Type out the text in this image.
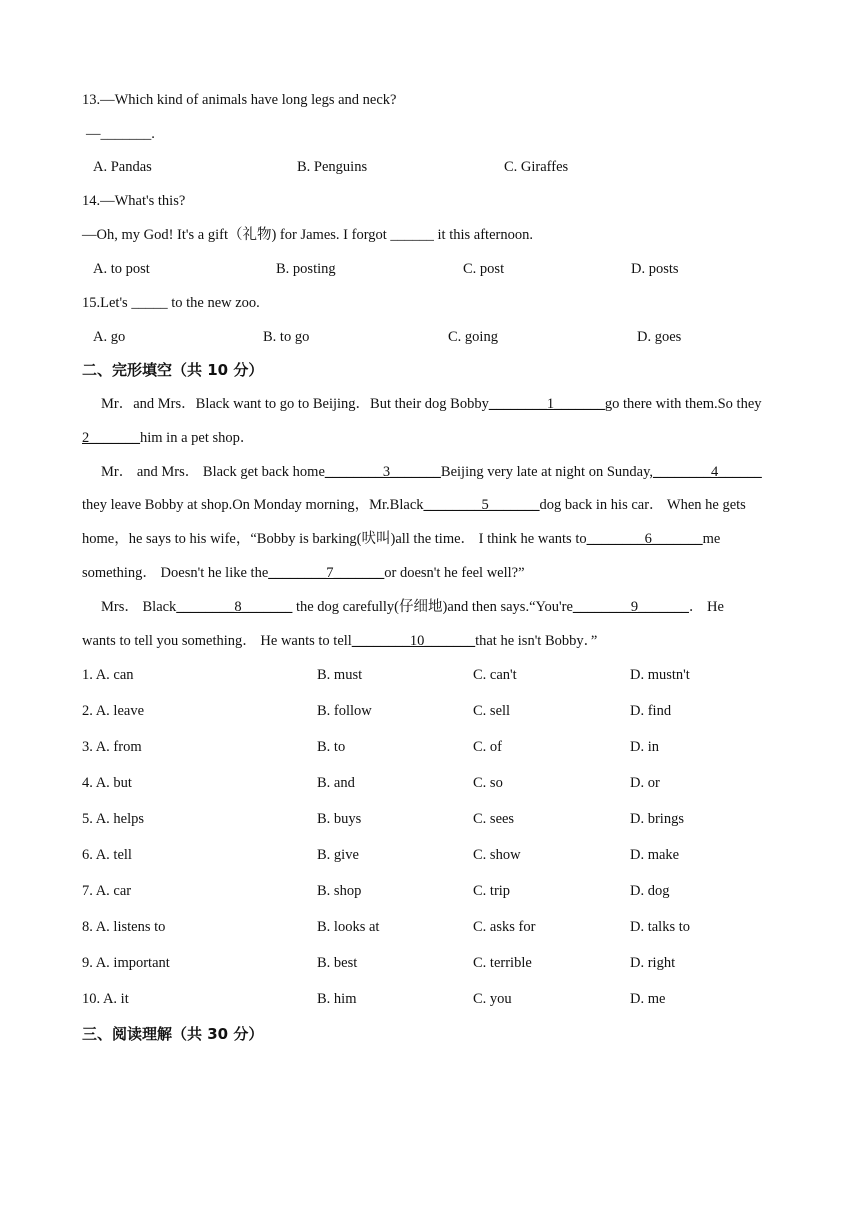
13.—Which kind of animals have long legs and neck?
—_______.
A. Pandas	B. Penguins	C. Giraffes
14.—What's this?
—Oh, my God! It's a gift（礼物) for James. I forgot ______ it this afternoon.
A. to post	B. posting	C. post	D. posts
15.Let's _____ to the new zoo.
A. go	B. to go	C. going	D. goes
二、完形填空（共 10 分）
Mr．and Mrs．Black want to go to Beijing．But their dog Bobby________1_______go there with them.So they
2_______him in a pet shop．
Mr． and Mrs． Black get back home________3_______Beijing very late at night on Sunday,________4______
they leave Bobby at shop.On Monday morning，Mr.Black________5_______dog back in his car． When he gets
home，he says to his wife，“Bobby is barking(吠叫)all the time． I think he wants to________6_______me
something． Doesn't he like the________7_______or doesn't he feel well?”
Mrs． Black________8_______ the dog carefully(仔细地)and then says.“You're________9_______． He
wants to tell you something． He wants to tell________10_______that he isn't Bobby．”
1. A. can	B. must	C. can't	D. mustn't
2. A. leave	B. follow	C. sell	D. find
3. A. from	B. to	C. of	D. in
4. A. but	B. and	C. so	D. or
5. A. helps	B. buys	C. sees	D. brings
6. A. tell	B. give	C. show	D. make
7. A. car	B. shop	C. trip	D. dog
8. A. listens to	B. looks at	C. asks for	D. talks to
9. A. important	B. best	C. terrible	D. right
10. A. it	B. him	C. you	D. me
三、阅读理解（共 30 分）
